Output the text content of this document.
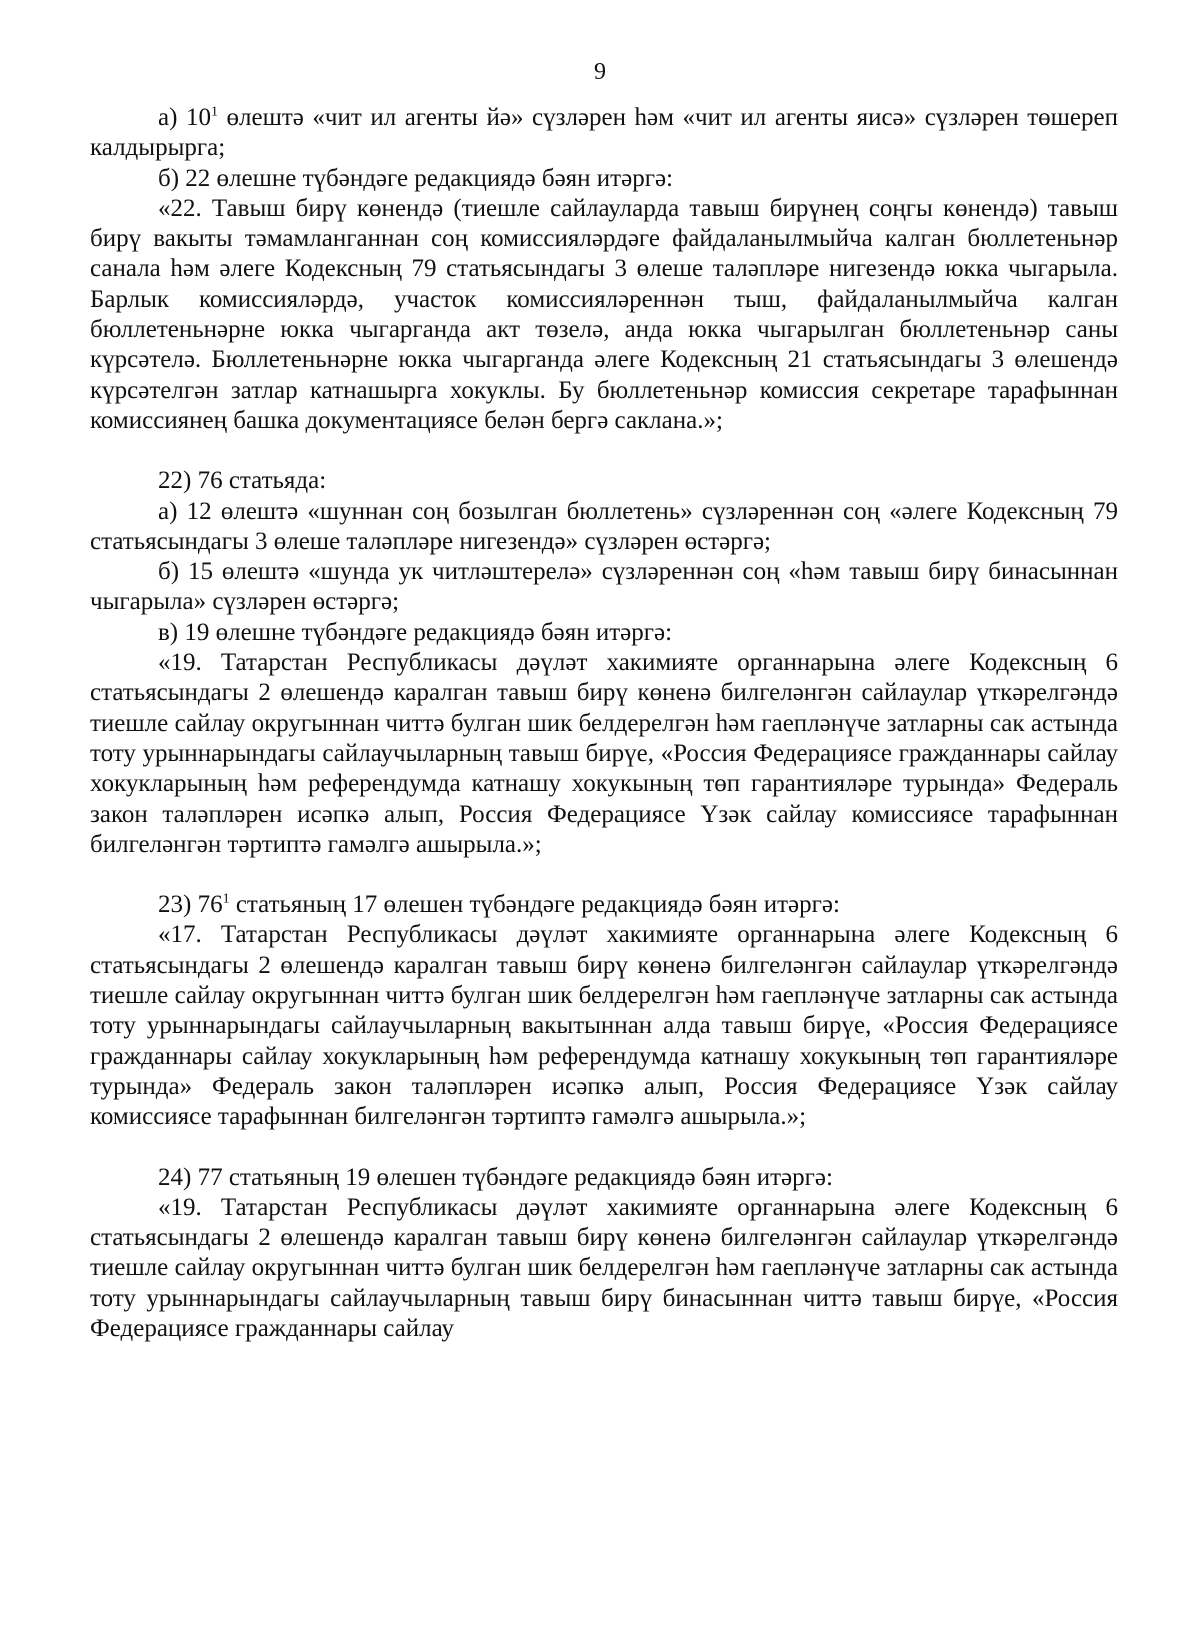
9

а) $10^1$ өлештә «чит ил агенты йә» сүзләрен һәм «чит ил агенты яисә» сүзләрен төшереп калдырырга;

б) 22 өлешне түбәндәге редакциядә бәян итәргә:

«22. Тавыш бирү көнендә (тиешле сайлауларда тавыш бирүнең соңгы көнендә) тавыш бирү вакыты тәмамланганнан соң комиссияләрдәге файдаланылмыйча калган бюллетеньнәр санала һәм әлеге Кодексның 79 статьясындагы 3 өлеше таләпләре нигезендә юкка чыгарыла. Барлык комиссияләрдә, участок комиссияләреннән тыш, файдаланылмыйча калган бюллетеньнәрне юкка чыгарганда акт төзелә, анда юкка чыгарылган бюллетеньнәр саны күрсәтелә. Бюллетеньнәрне юкка чыгарганда әлеге Кодексның 21 статьясындагы 3 өлешендә күрсәтелгән затлар катнашырга хокуклы. Бу бюллетеньнәр комиссия секретаре тарафыннан комиссиянең башка документациясе белән бергә саклана.»;

22) 76 статьяда:

а) 12 өлештә «шуннан соң бозылган бюллетень» сүзләреннән соң «әлеге Кодексның 79 статьясындагы 3 өлеше таләпләре нигезендә» сүзләрен өстәргә;

б) 15 өлештә «шунда ук читләштерелә» сүзләреннән соң «һәм тавыш бирү бинасыннан чыгарыла» сүзләрен өстәргә;

в) 19 өлешне түбәндәге редакциядә бәян итәргә:

«19. Татарстан Республикасы дәүләт хакимияте органнарына әлеге Кодексның 6 статьясындагы 2 өлешендә каралган тавыш бирү көненә билгеләнгән сайлаулар үткәрелгәндә тиешле сайлау округыннан читтә булган шик белдерелгән һәм гаепләнүче затларны сак астында тоту урыннарындагы сайлаучыларның тавыш бирүе, «Россия Федерациясе гражданнары сайлау хокукларының һәм референдумда катнашу хокукының төп гарантияләре турында» Федераль закон таләпләрен исәпкә алып, Россия Федерациясе Үзәк сайлау комиссиясе тарафыннан билгеләнгән тәртиптә гамәлгә ашырыла.»;

23) $76^1$ статьяның 17 өлешен түбәндәге редакциядә бәян итәргә:

«17. Татарстан Республикасы дәүләт хакимияте органнарына әлеге Кодексның 6 статьясындагы 2 өлешендә каралган тавыш бирү көненә билгеләнгән сайлаулар үткәрелгәндә тиешле сайлау округыннан читтә булган шик белдерелгән һәм гаепләнүче затларны сак астында тоту урыннарындагы сайлаучыларның вакытыннан алда тавыш бирүе, «Россия Федерациясе гражданнары сайлау хокукларының һәм референдумда катнашу хокукының төп гарантияләре турында» Федераль закон таләпләрен исәпкә алып, Россия Федерациясе Үзәк сайлау комиссиясе тарафыннан билгеләнгән тәртиптә гамәлгә ашырыла.»;

24) 77 статьяның 19 өлешен түбәндәге редакциядә бәян итәргә:

«19. Татарстан Республикасы дәүләт хакимияте органнарына әлеге Кодексның 6 статьясындагы 2 өлешендә каралган тавыш бирү көненә билгеләнгән сайлаулар үткәрелгәндә тиешле сайлау округыннан читтә булган шик белдерелгән һәм гаепләнүче затларны сак астында тоту урыннарындагы сайлаучыларның тавыш бирү бинасыннан читтә тавыш бирүе, «Россия Федерациясе гражданнары сайлау
